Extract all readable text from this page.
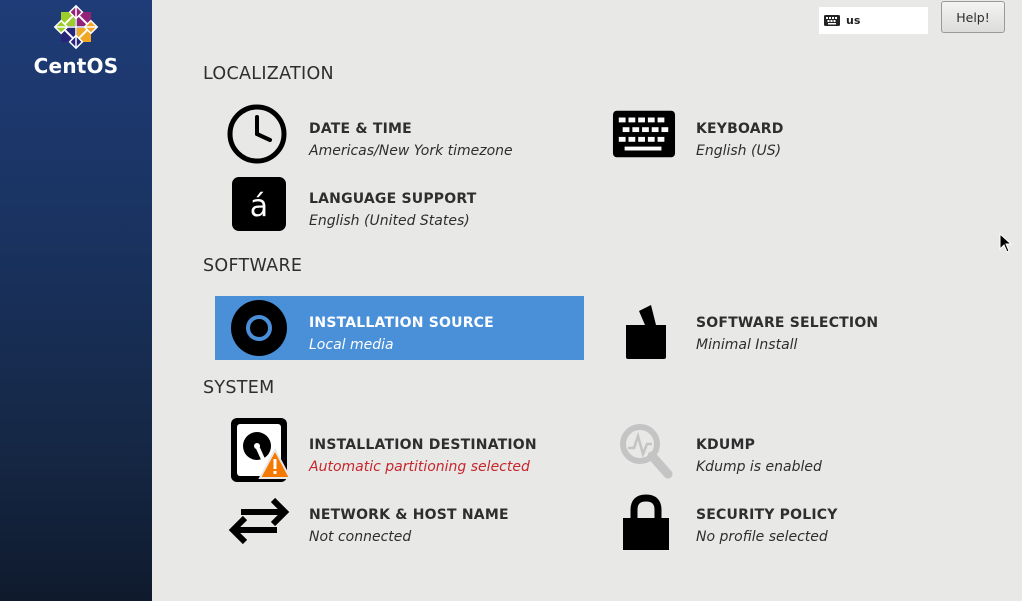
CentOS
us	Help!
LOCALIZATION
SOFTWARE
SYSTEM
DATE & TIME
Americas/New York timezone
KEYBOARD
English (US)
á	LANGUAGE SUPPORT
English (United States)
INSTALLATION SOURCE
Local media
SOFTWARE SELECTION
Minimal Install
INSTALLATION DESTINATION
Automatic partitioning selected
KDUMP
Kdump is enabled
NETWORK & HOST NAME
Not connected
SECURITY POLICY
No profile selected
